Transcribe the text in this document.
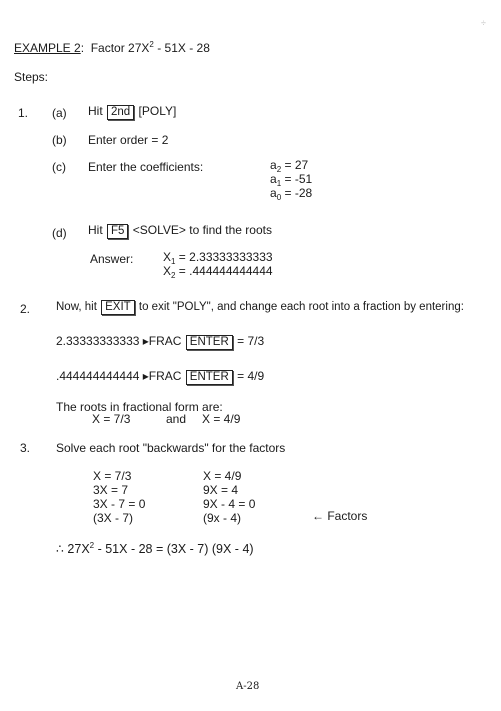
EXAMPLE 2:  Factor $27X^2 - 51X - 28$
÷
Steps:
1. (a) Hit 2nd [POLY]
(b) Enter order = 2
(c) Enter the coefficients:	$a_2 = 27$
$a_1 = -51$
$a_0 = -28$
(d) Hit F5 <SOLVE> to find the roots
Answer: $X_1 = 2.33333333333$
$X_2 = .444444444444$
2. Now, hit EXIT to exit "POLY", and change each root into a fraction by entering:
2.33333333333 ▸FRAC ENTER = 7/3
.444444444444 ▸FRAC ENTER = 4/9
The roots in fractional form are:
X = 7/3	and X = 4/9
3. Solve each root "backwards" for the factors
X = 7/3
3X = 7
3X - 7 = 0
(3X - 7)
X = 4/9
9X = 4
9X - 4 = 0
(9x - 4)	← Factors
∴ $27X^2 - 51X - 28 = (3X - 7)$ (9X - 4)
A-28
